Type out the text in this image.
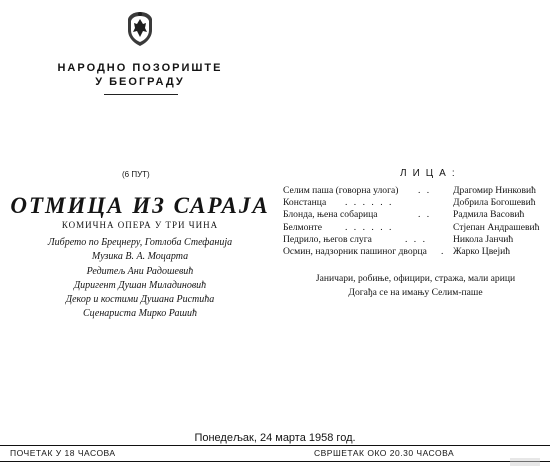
НАРОДНО ПОЗОРИШТЕ
У БЕОГРАДУ
(6 ПУТ)
ОТМИЦА ИЗ САРАЈА
КОМИЧНА ОПЕРА У ТРИ ЧИНА
Либрето по Брецнеру, Готлоба Стефанија
Музика В. А. Моцарта
Редитељ Ани Радошевић
Диригент Душан Миладиновић
Декор и костими Душана Ристића
Сценариста Мирко Рашић
ЛИЦА:
Селим паша (говорна улога) . . Драгомир Нинковић
Констанца . . . . . .	Добрила Богошевић
Блонда, њена собарица	. . Радмила Васовић
Белмонте . . . . . .	Стјепан Андрашевић
Педрило, његов слуга	. . .	Никола Јанчић
Осмин, надзорник пашиног дворца . Жарко Цвејић
Јаничари, робиње, официри, стража, мали арици
Догађа се на имању Селим-паше
Понедељак, 24 марта 1958 год.
ПОЧЕТАК У 18 ЧАСОВА	СВРШЕТАК ОКО 20.30 ЧАСОВА
